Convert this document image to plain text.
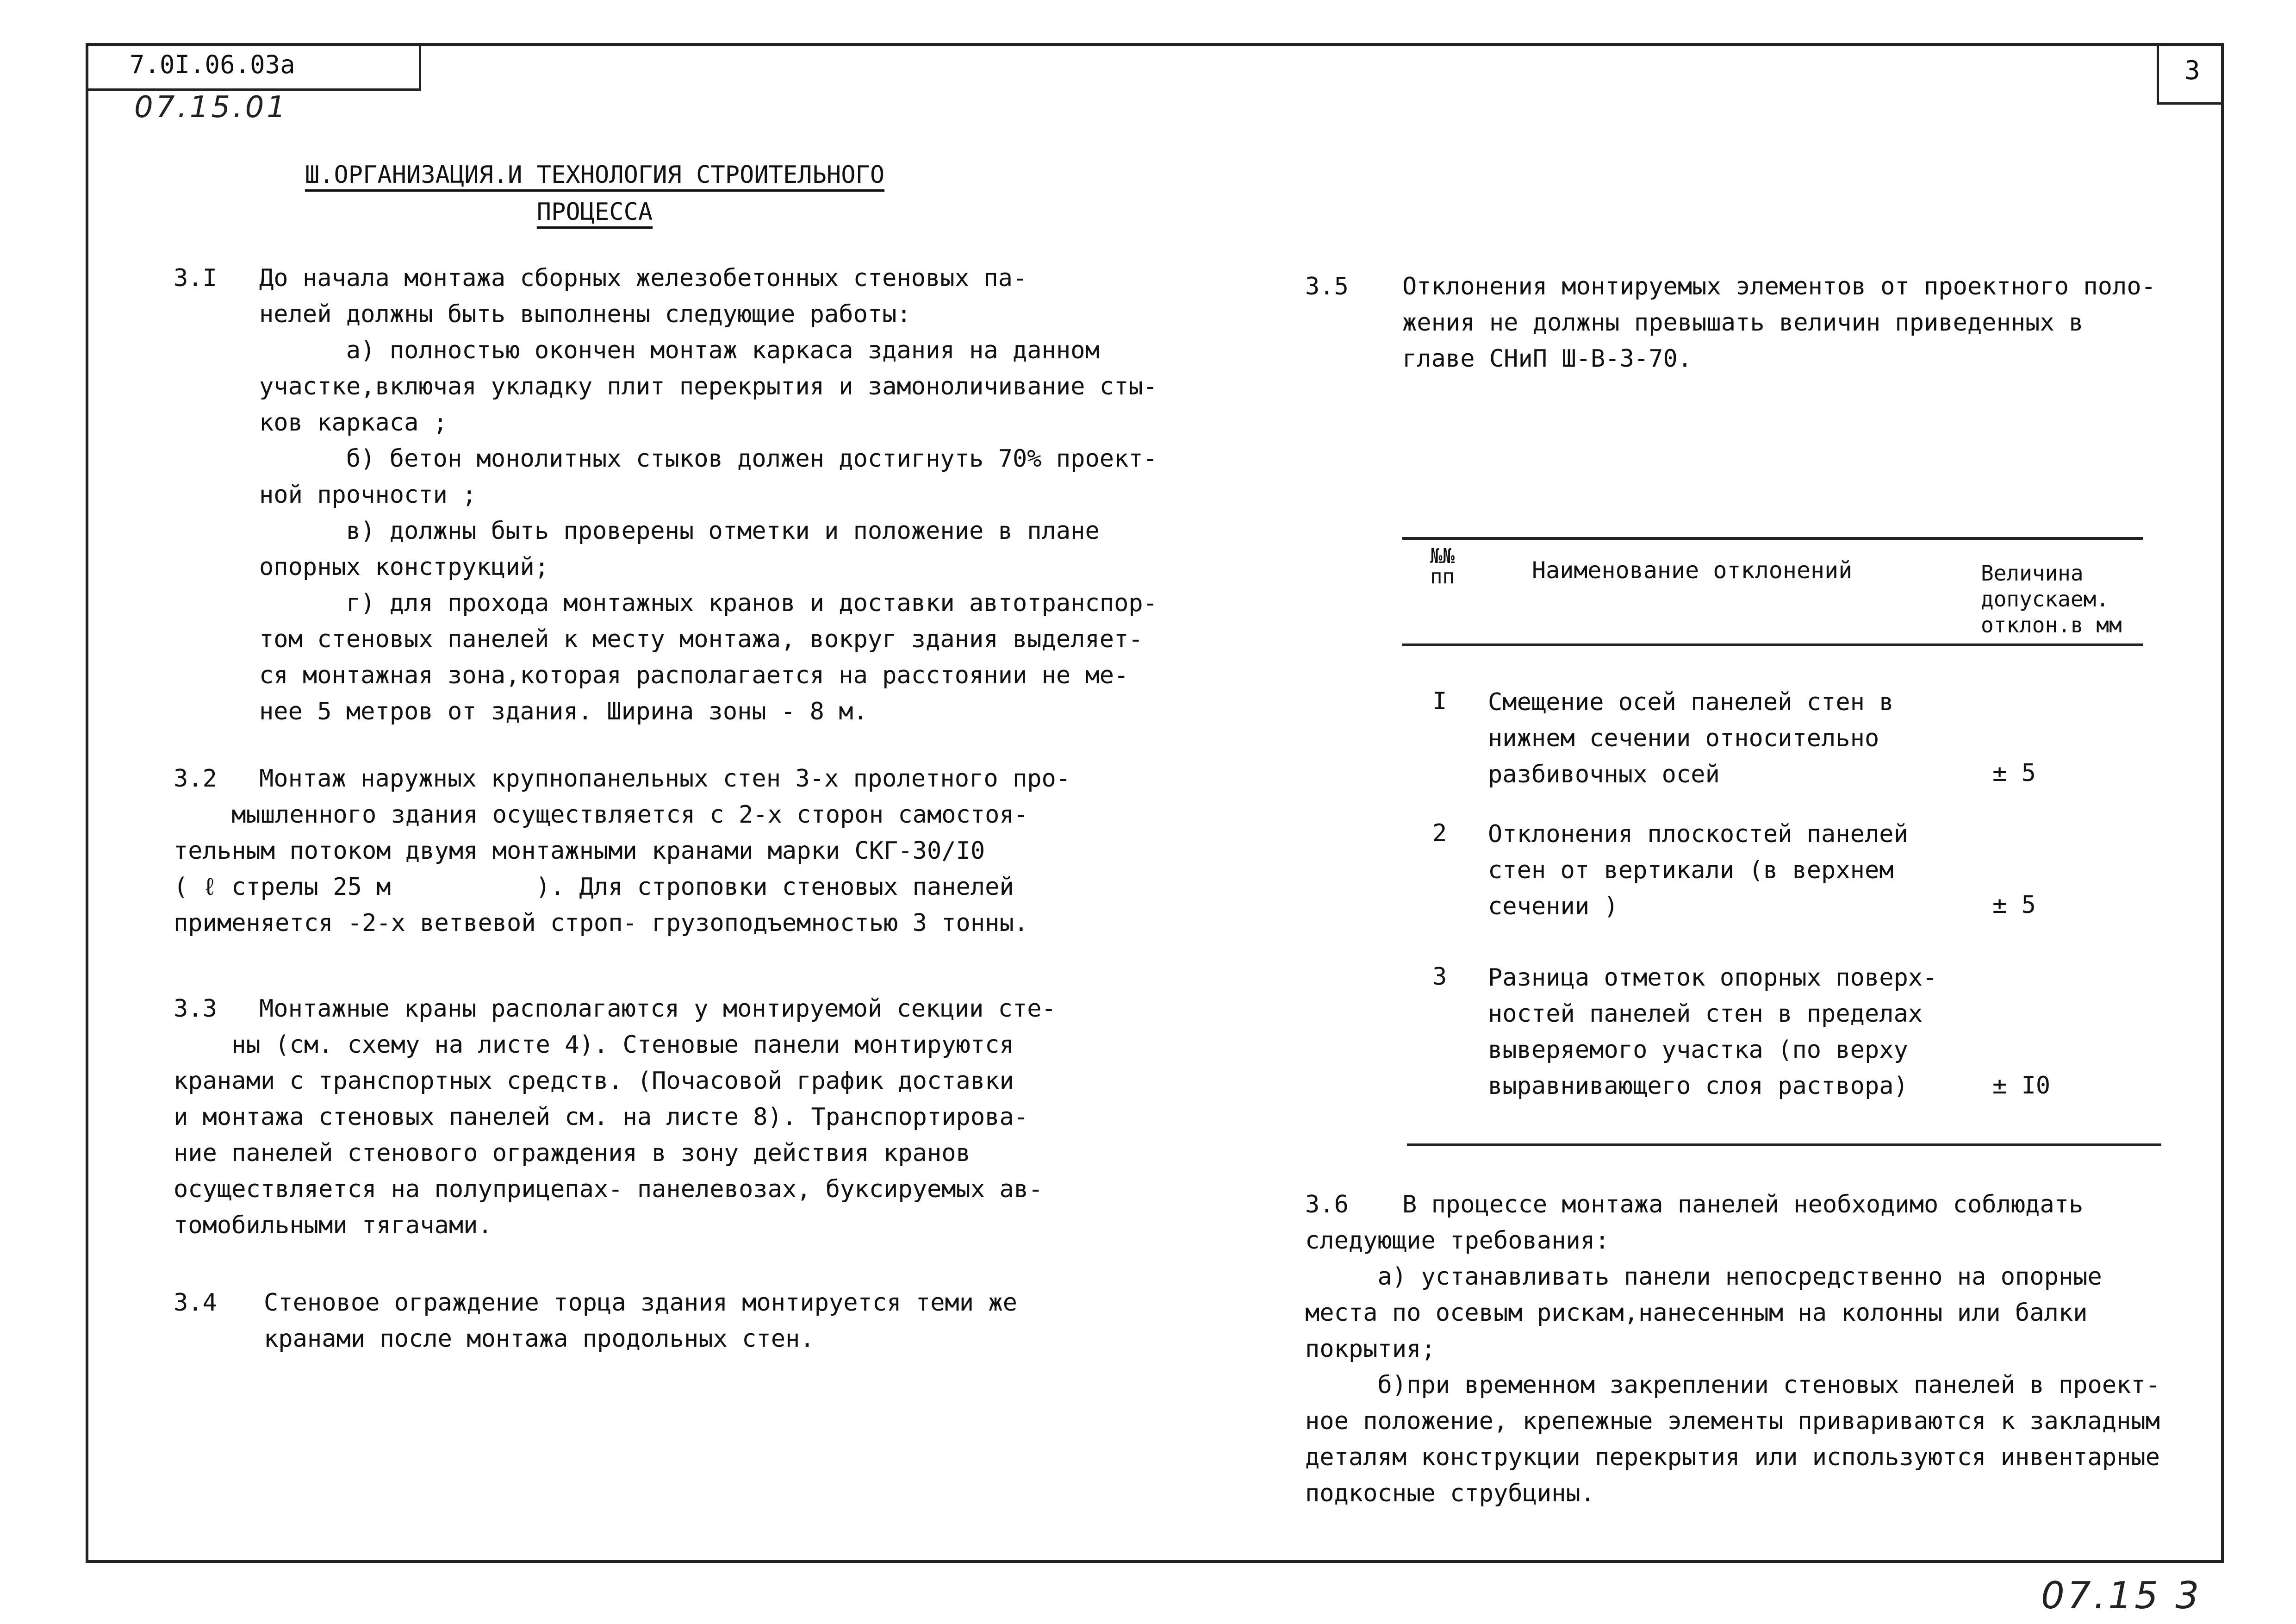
7.0I.06.03а
07.15.01
3
Ш.ОРГАНИЗАЦИЯ.И ТЕХНОЛОГИЯ СТРОИТЕЛЬНОГО
ПРОЦЕССА
3.I До начала монтажа сборных железобетонных стеновых па-
нелей должны быть выполнены следующие работы:
а) полностью окончен монтаж каркаса здания на данном
участке,включая укладку плит перекрытия и замоноличивание сты-
ков каркаса ;
б) бетон монолитных стыков должен достигнуть 70% проект-
ной прочности ;
в) должны быть проверены отметки и положение в плане
опорных конструкций;
г) для прохода монтажных кранов и доставки автотранспор-
том стеновых панелей к месту монтажа, вокруг здания выделяет-
ся монтажная зона,которая располагается на расстоянии не ме-
нее 5 метров от здания. Ширина зоны - 8 м.
3.2	Монтаж наружных крупнопанельных стен 3-х пролетного про-
мышленного здания осуществляется с 2-х сторон самостоя-
тельным потоком двумя монтажными кранами марки СКГ-30/I0
( ℓ стрелы 25 м          ). Для строповки стеновых панелей
применяется -2-х ветвевой строп- грузоподъемностью 3 тонны.
3.3	Монтажные краны располагаются у монтируемой секции сте-
ны (см. схему на листе 4). Стеновые панели монтируются
кранами с транспортных средств. (Почасовой график доставки
и монтажа стеновых панелей см. на листе 8). Транспортирова-
ние панелей стенового ограждения в зону действия кранов
осуществляется на полуприцепах- панелевозах, буксируемых ав-
томобильными тягачами.
3.4 Стеновое ограждение торца здания монтируется теми же
кранами после монтажа продольных стен.
3.5 Отклонения монтируемых элементов от проектного поло-
жения не должны превышать величин приведенных в
главе СНиП Ш-В-3-70.
№№
пп	Наименование отклонений	Величина
допускаем.
отклон.в мм
I Смещение осей панелей стен в
нижнем сечении относительно
разбивочных осей	± 5
2 Отклонения плоскостей панелей
стен от вертикали (в верхнем
сечении )	± 5
3 Разница отметок опорных поверх-
ностей панелей стен в пределах
выверяемого участка (по верху
выравнивающего слоя раствора)	± I0
3.6	В процессе монтажа панелей необходимо соблюдать
следующие требования:
а) устанавливать панели непосредственно на опорные
места по осевым рискам,нанесенным на колонны или балки
покрытия;
б)при временном закреплении стеновых панелей в проект-
ное положение, крепежные элементы привариваются к закладным
деталям конструкции перекрытия или используются инвентарные
подкосные струбцины.
07.15 3
